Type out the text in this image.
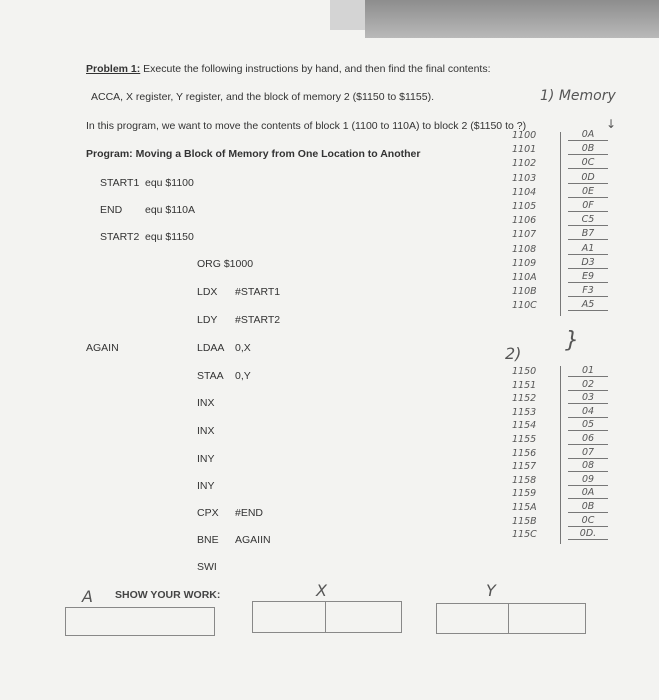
Problem 1: Execute the following instructions by hand, and then find the final contents:
ACCA, X register, Y register, and the block of memory 2 ($1150 to $1155).
In this program, we want to move the contents of block 1 (1100 to 110A) to block 2 ($1150 to ?)
Program: Moving a Block of Memory from One Location to Another
START1 equ $1100
END equ $110A
START2 equ $1150
ORG $1000
LDX #START1
LDY #START2
AGAIN	LDAA 0,X
STAA 0,Y
INX
INX
INY
INY
CPX #END
BNE AGAIIN
SWI
SHOW YOUR WORK:
1) Memory
↓
2)
}
1100	0A
1101	0B
1102	0C
1103	0D
1104	0E
1105	0F
1106	C5
1107	B7
1108	A1
1109	D3
110A	E9
110B	F3
110C	A5
1150	01
1151	02
1152	03
1153	04
1154	05
1155	06
1156	07
1157	08
1158	09
1159	0A
115A	0B
115B	0C
115C	0D.
A	X	Y
